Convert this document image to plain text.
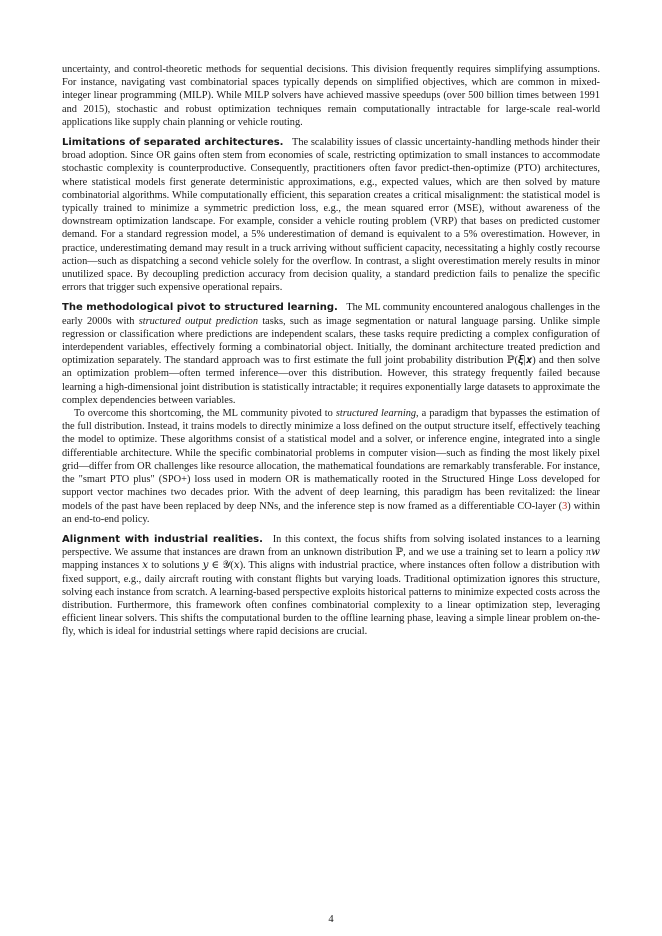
uncertainty, and control-theoretic methods for sequential decisions. This division frequently requires simplifying assumptions. For instance, navigating vast combinatorial spaces typically depends on simplified objectives, which are common in mixed-integer linear programming (MILP). While MILP solvers have achieved massive speedups (over 500 billion times between 1991 and 2015), stochastic and robust optimization techniques remain computationally intractable for large-scale real-world applications like supply chain planning or vehicle routing.

Limitations of separated architectures. The scalability issues of classic uncertainty-handling methods hinder their broad adoption. Since OR gains often stem from economies of scale, restricting optimization to small instances to accommodate stochastic complexity is counterproductive. Consequently, practitioners often favor predict-then-optimize (PTO) architectures, where statistical models first generate deterministic approximations, e.g., expected values, which are then solved by mature combinatorial algorithms. While computationally efficient, this separation creates a critical misalignment: the statistical model is typically trained to minimize a symmetric prediction loss, e.g., the mean squared error (MSE), without awareness of the downstream optimization landscape. For example, consider a vehicle routing problem (VRP) that bases on predicted customer demand. For a standard regression model, a 5% underestimation of demand is equivalent to a 5% overestimation. However, in practice, underestimating demand may result in a truck arriving without sufficient capacity, necessitating a highly costly recourse action—such as dispatching a second vehicle solely for the overflow. In contrast, a slight overestimation merely results in minor unutilized space. By decoupling prediction accuracy from decision quality, a standard prediction fails to penalize the specific errors that trigger such expensive operational repairs.

The methodological pivot to structured learning. The ML community encountered analogous challenges in the early 2000s with structured output prediction tasks, such as image segmentation or natural language parsing. Unlike simple regression or classification where predictions are independent scalars, these tasks require predicting a complex configuration of interdependent variables, effectively forming a combinatorial object. Initially, the dominant architecture treated prediction and optimization separately. The standard approach was to first estimate the full joint probability distribution ℙ(𝝃|𝒙) and then solve an optimization problem—often termed inference—over this distribution. However, this strategy frequently failed because learning a high-dimensional joint distribution is statistically intractable; it requires exponentially large datasets to approximate the complex dependencies between variables.

To overcome this shortcoming, the ML community pivoted to structured learning, a paradigm that bypasses the estimation of the full distribution. Instead, it trains models to directly minimize a loss defined on the output structure itself, effectively teaching the model to optimize. These algorithms consist of a statistical model and a solver, or inference engine, integrated into a single differentiable architecture. While the specific combinatorial problems in computer vision—such as finding the most likely pixel grid—differ from OR challenges like resource allocation, the mathematical foundations are remarkably transferable. For instance, the "smart PTO plus" (SPO+) loss used in modern OR is mathematically rooted in the Structured Hinge Loss developed for support vector machines two decades prior. With the advent of deep learning, this paradigm has been revitalized: the linear models of the past have been replaced by deep NNs, and the inference step is now framed as a differentiable CO-layer (3) within an end-to-end policy.

Alignment with industrial realities. In this context, the focus shifts from solving isolated instances to a learning perspective. We assume that instances are drawn from an unknown distribution ℙ, and we use a training set to learn a policy π𝑤 mapping instances 𝑥 to solutions 𝑦 ∈ 𝒴(𝑥). This aligns with industrial practice, where instances often follow a distribution with fixed support, e.g., daily aircraft routing with constant flights but varying loads. Traditional optimization ignores this structure, solving each instance from scratch. A learning-based perspective exploits historical patterns to minimize expected costs across the distribution. Furthermore, this framework often confines combinatorial complexity to a linear optimization step, leveraging efficient linear solvers. This shifts the computational burden to the offline learning phase, leaving a simple linear problem on-the-fly, which is ideal for industrial settings where rapid decisions are crucial.

4
